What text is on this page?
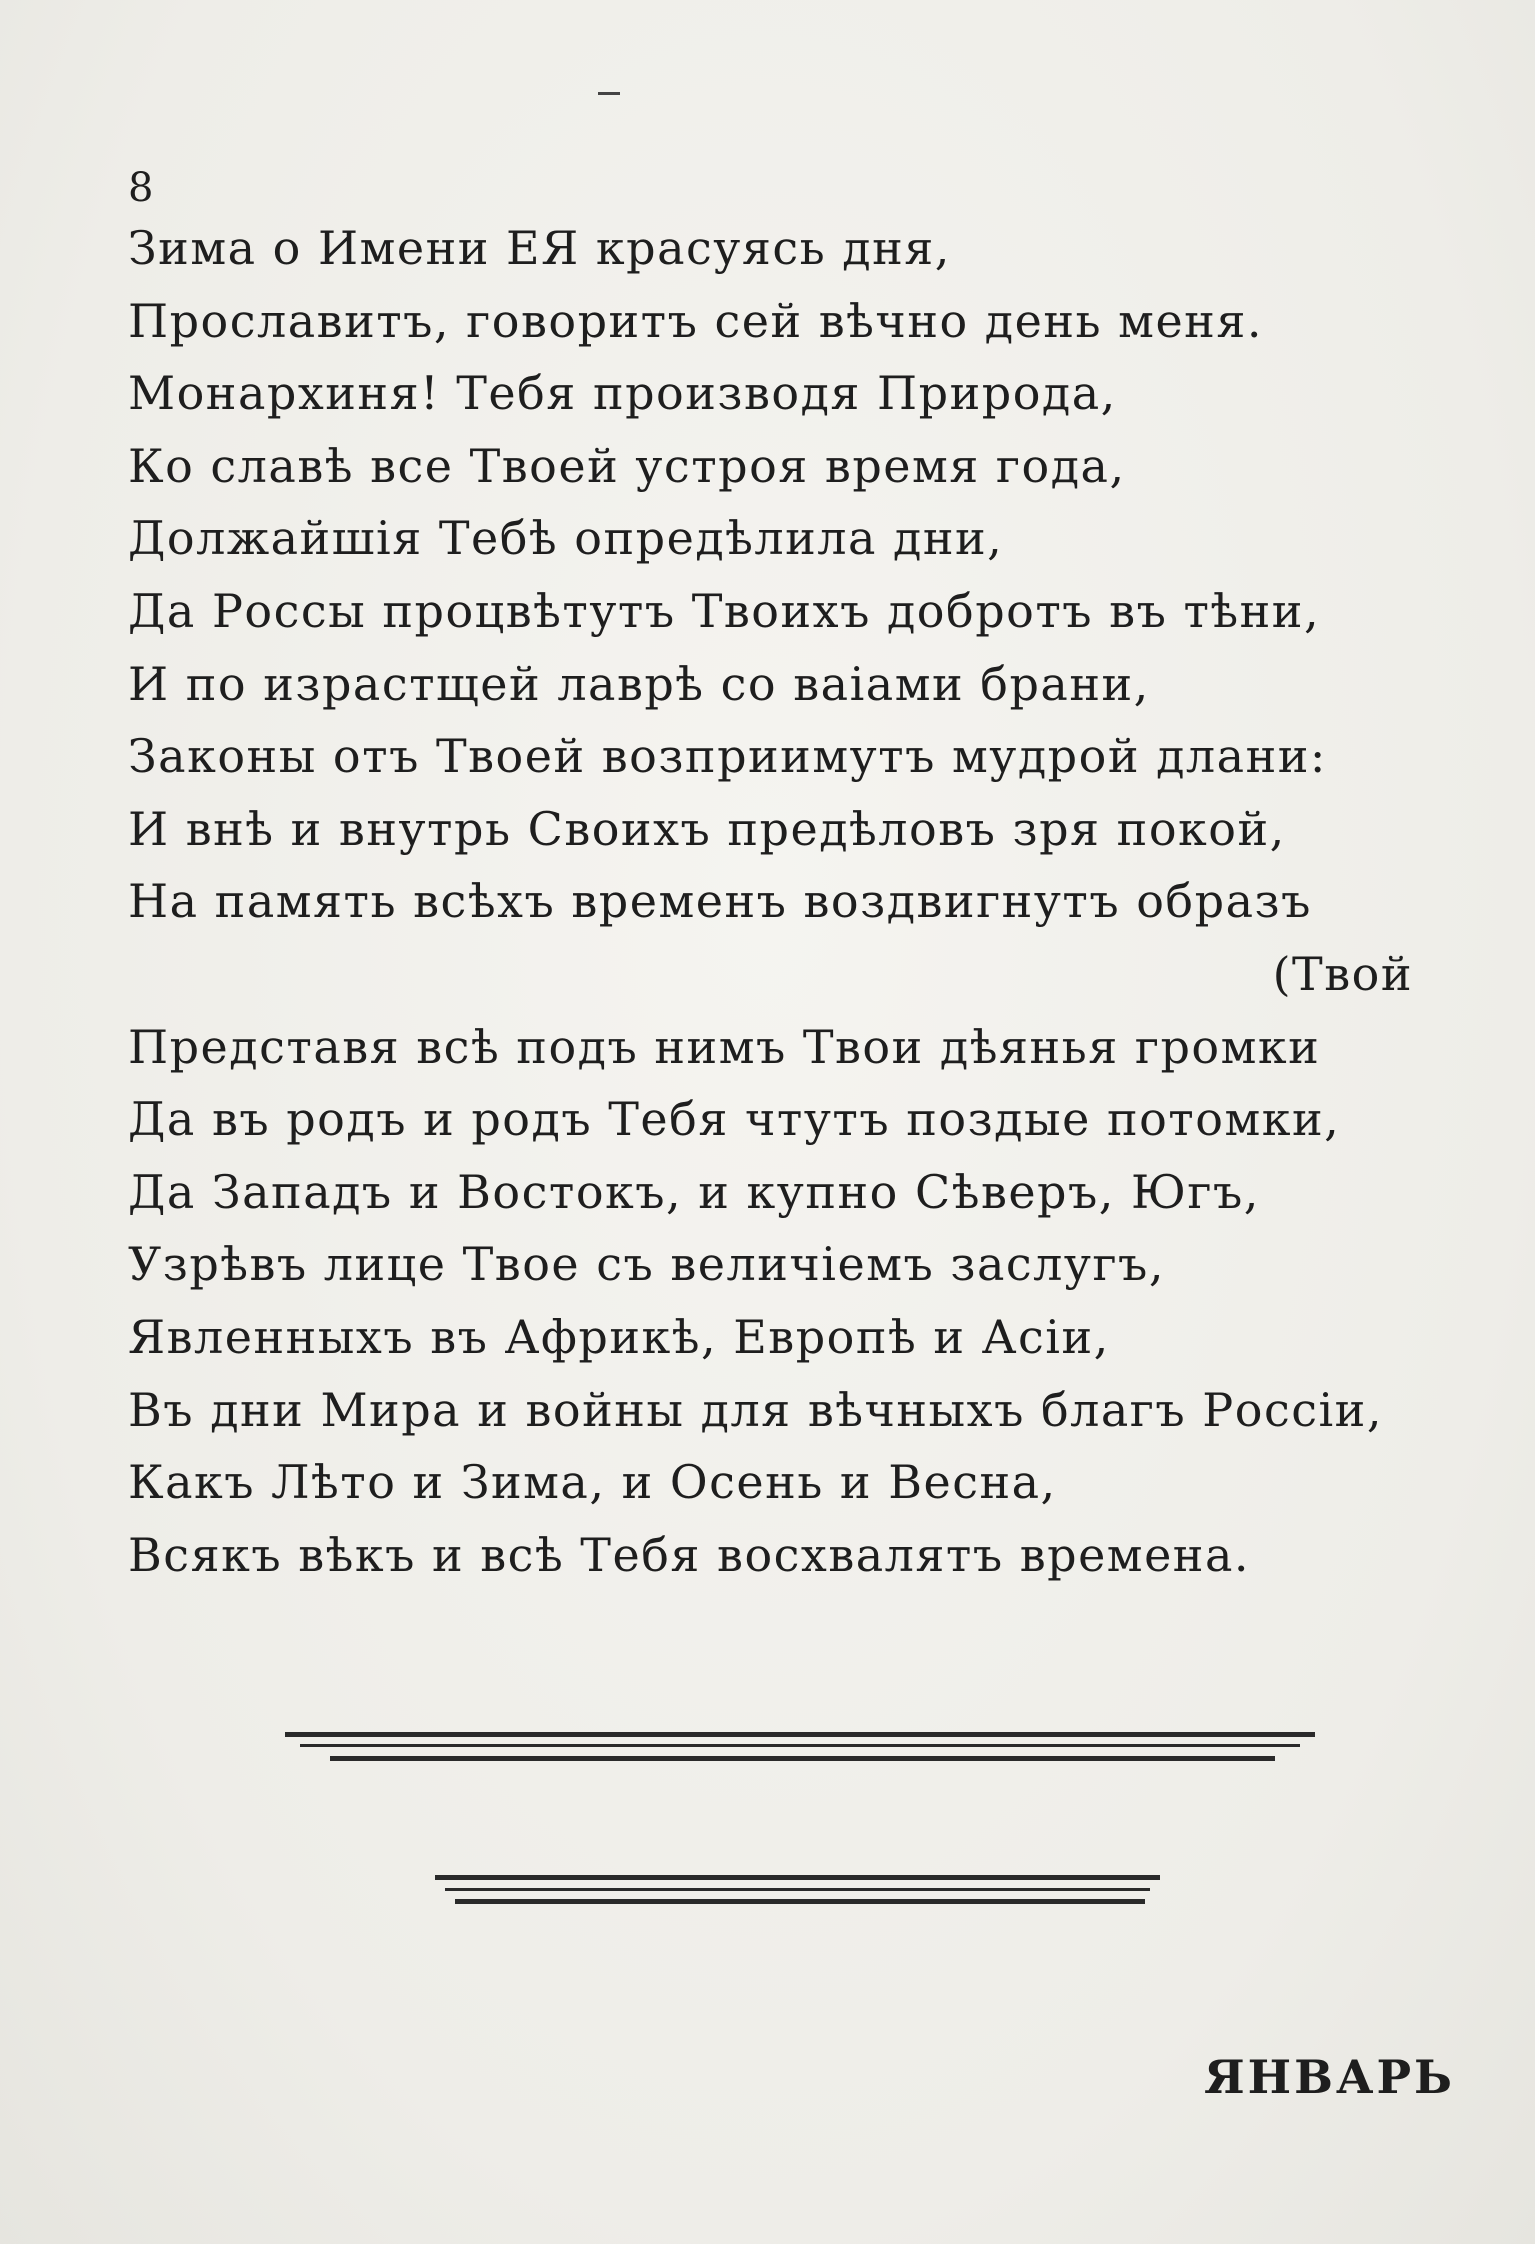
8
Зима о Имени ЕЯ красуясь дня,
Прославитъ, говоритъ сей вѣчно день меня.
Монархиня! Тебя производя Природа,
Ко славѣ все Твоей устроя время года,
Должайшія Тебѣ опредѣлила дни,
Да Россы процвѣтутъ Твоихъ добротъ въ тѣни,
И по израстщей лаврѣ со ваіами брани,
Законы отъ Твоей возприимутъ мудрой длани:
И внѣ и внутрь Своихъ предѣловъ зря покой,
На память всѣхъ временъ воздвигнутъ образъ
(Твой
Представя всѣ подъ нимъ Твои дѣянья громки
Да въ родъ и родъ Тебя чтутъ поздые потомки,
Да Западъ и Востокъ, и купно Сѣверъ, Югъ,
Узрѣвъ лице Твое съ величіемъ заслугъ,
Явленныхъ въ Африкѣ, Европѣ и Асіи,
Въ дни Мира и войны для вѣчныхъ благъ Россіи,
Какъ Лѣто и Зима, и Осень и Весна,
Всякъ вѣкъ и всѣ Тебя восхвалятъ времена.
ЯНВАРЬ
